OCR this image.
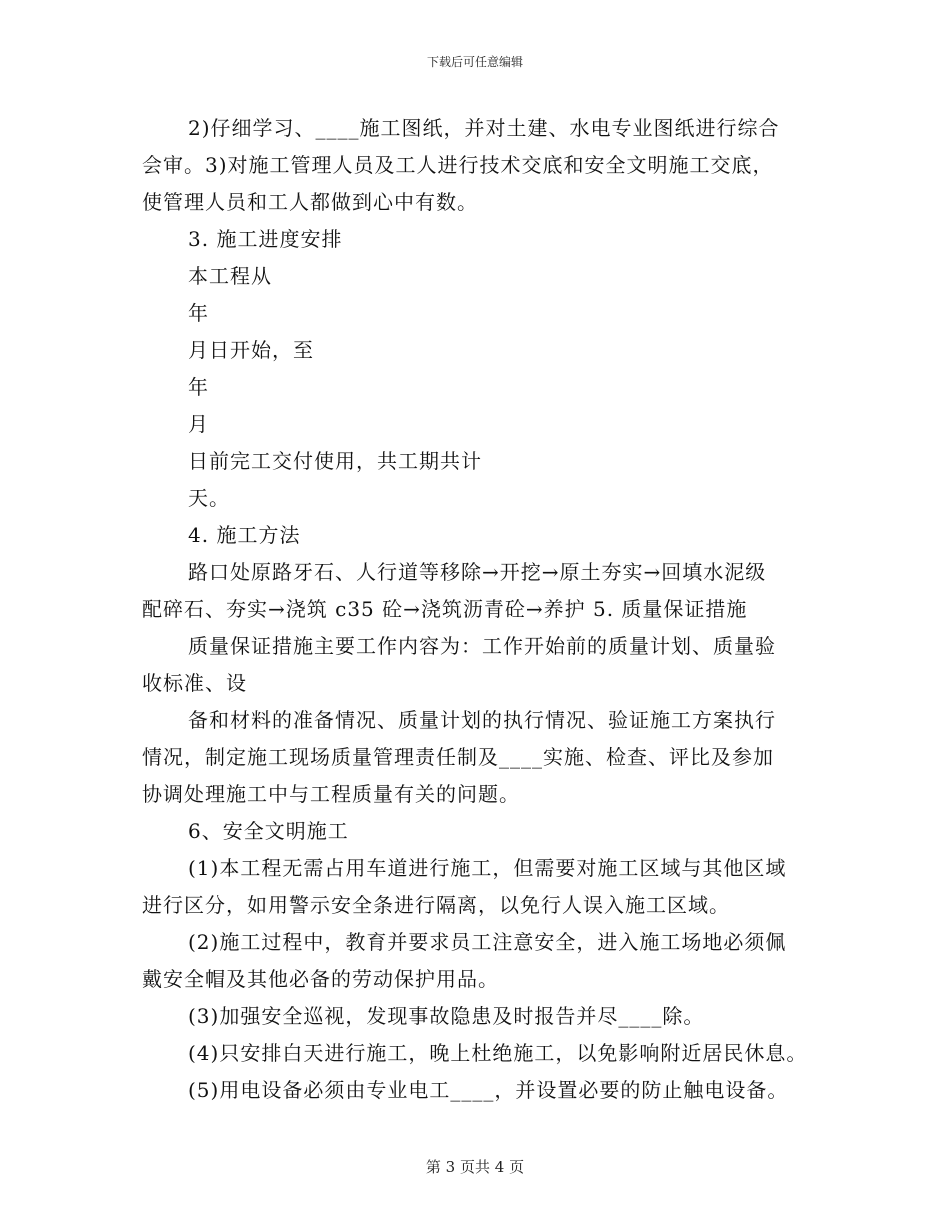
下载后可任意编辑
2)仔细学习、____施工图纸，并对土建、水电专业图纸进行综合
会审。3)对施工管理人员及工人进行技术交底和安全文明施工交底，
使管理人员和工人都做到心中有数。
3. 施工进度安排
本工程从
年
月日开始，至
年
月
日前完工交付使用，共工期共计
天。
4. 施工方法
路口处原路牙石、人行道等移除→开挖→原土夯实→回填水泥级
配碎石、夯实→浇筑 c35 砼→浇筑沥青砼→养护 5. 质量保证措施
质量保证措施主要工作内容为：工作开始前的质量计划、质量验
收标准、设
备和材料的准备情况、质量计划的执行情况、验证施工方案执行
情况，制定施工现场质量管理责任制及____实施、检查、评比及参加
协调处理施工中与工程质量有关的问题。
6、安全文明施工
(1)本工程无需占用车道进行施工，但需要对施工区域与其他区域
进行区分，如用警示安全条进行隔离，以免行人误入施工区域。
(2)施工过程中，教育并要求员工注意安全，进入施工场地必须佩
戴安全帽及其他必备的劳动保护用品。
(3)加强安全巡视，发现事故隐患及时报告并尽____除。
(4)只安排白天进行施工，晚上杜绝施工，以免影响附近居民休息。
(5)用电设备必须由专业电工____，并设置必要的防止触电设备。
第 3 页共 4 页
